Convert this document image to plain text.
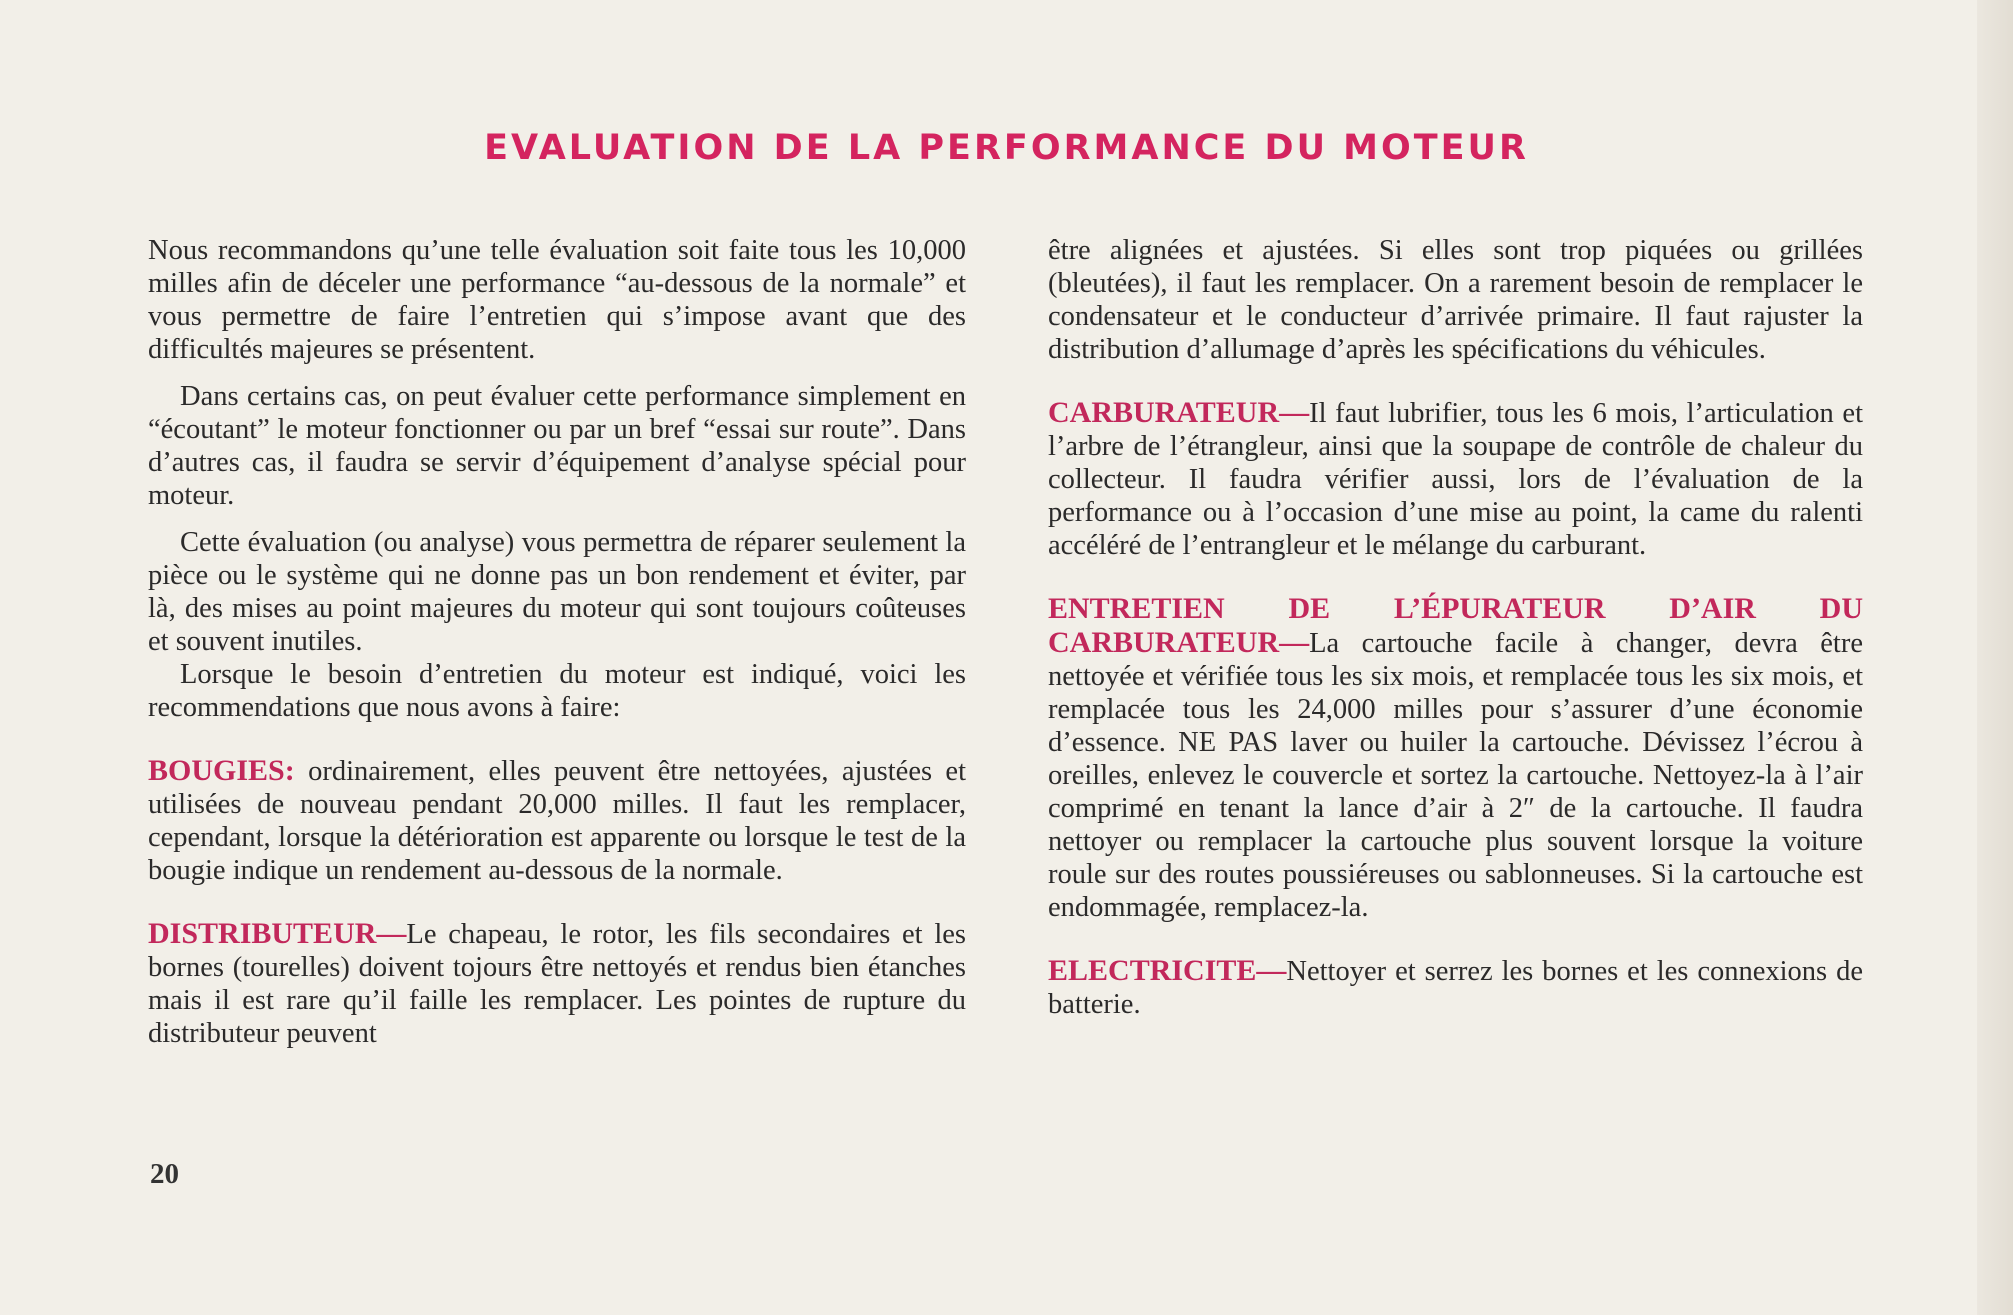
EVALUATION DE LA PERFORMANCE DU MOTEUR

Nous recommandons qu’une telle évaluation soit faite tous les 10,000 milles afin de déceler une performance “au-dessous de la normale” et vous permettre de faire l’entretien qui s’impose avant que des difficultés majeures se présentent.

Dans certains cas, on peut évaluer cette performance simplement en “écoutant” le moteur fonctionner ou par un bref “essai sur route”. Dans d’autres cas, il faudra se servir d’équipement d’analyse spécial pour moteur.

Cette évaluation (ou analyse) vous permettra de réparer seulement la pièce ou le système qui ne donne pas un bon rendement et éviter, par là, des mises au point majeures du moteur qui sont toujours coûteuses et souvent inutiles.

Lorsque le besoin d’entretien du moteur est indiqué, voici les recommendations que nous avons à faire:

BOUGIES: ordinairement, elles peuvent être nettoyées, ajustées et utilisées de nouveau pendant 20,000 milles. Il faut les remplacer, cependant, lorsque la détérioration est apparente ou lorsque le test de la bougie indique un rendement au-dessous de la normale.

DISTRIBUTEUR—Le chapeau, le rotor, les fils secondaires et les bornes (tourelles) doivent tojours être nettoyés et rendus bien étanches mais il est rare qu’il faille les remplacer. Les pointes de rupture du distributeur peuvent

être alignées et ajustées. Si elles sont trop piquées ou grillées (bleutées), il faut les remplacer. On a rarement besoin de remplacer le condensateur et le conducteur d’arrivée primaire. Il faut rajuster la distribution d’allumage d’après les spécifications du véhicules.

CARBURATEUR—Il faut lubrifier, tous les 6 mois, l’articulation et l’arbre de l’étrangleur, ainsi que la soupape de contrôle de chaleur du collecteur. Il faudra vérifier aussi, lors de l’évaluation de la performance ou à l’occasion d’une mise au point, la came du ralenti accéléré de l’entrangleur et le mélange du carburant.

ENTRETIEN DE L’ÉPURATEUR D’AIR DU CARBURATEUR—La cartouche facile à changer, devra être nettoyée et vérifiée tous les six mois, et remplacée tous les six mois, et remplacée tous les 24,000 milles pour s’assurer d’une économie d’essence. NE PAS laver ou huiler la cartouche. Dévissez l’écrou à oreilles, enlevez le couvercle et sortez la cartouche. Nettoyez-la à l’air comprimé en tenant la lance d’air à 2″ de la cartouche. Il faudra nettoyer ou remplacer la cartouche plus souvent lorsque la voiture roule sur des routes poussiéreuses ou sablonneuses. Si la cartouche est endommagée, remplacez-la.

ELECTRICITE—Nettoyer et serrez les bornes et les connexions de batterie.

20
